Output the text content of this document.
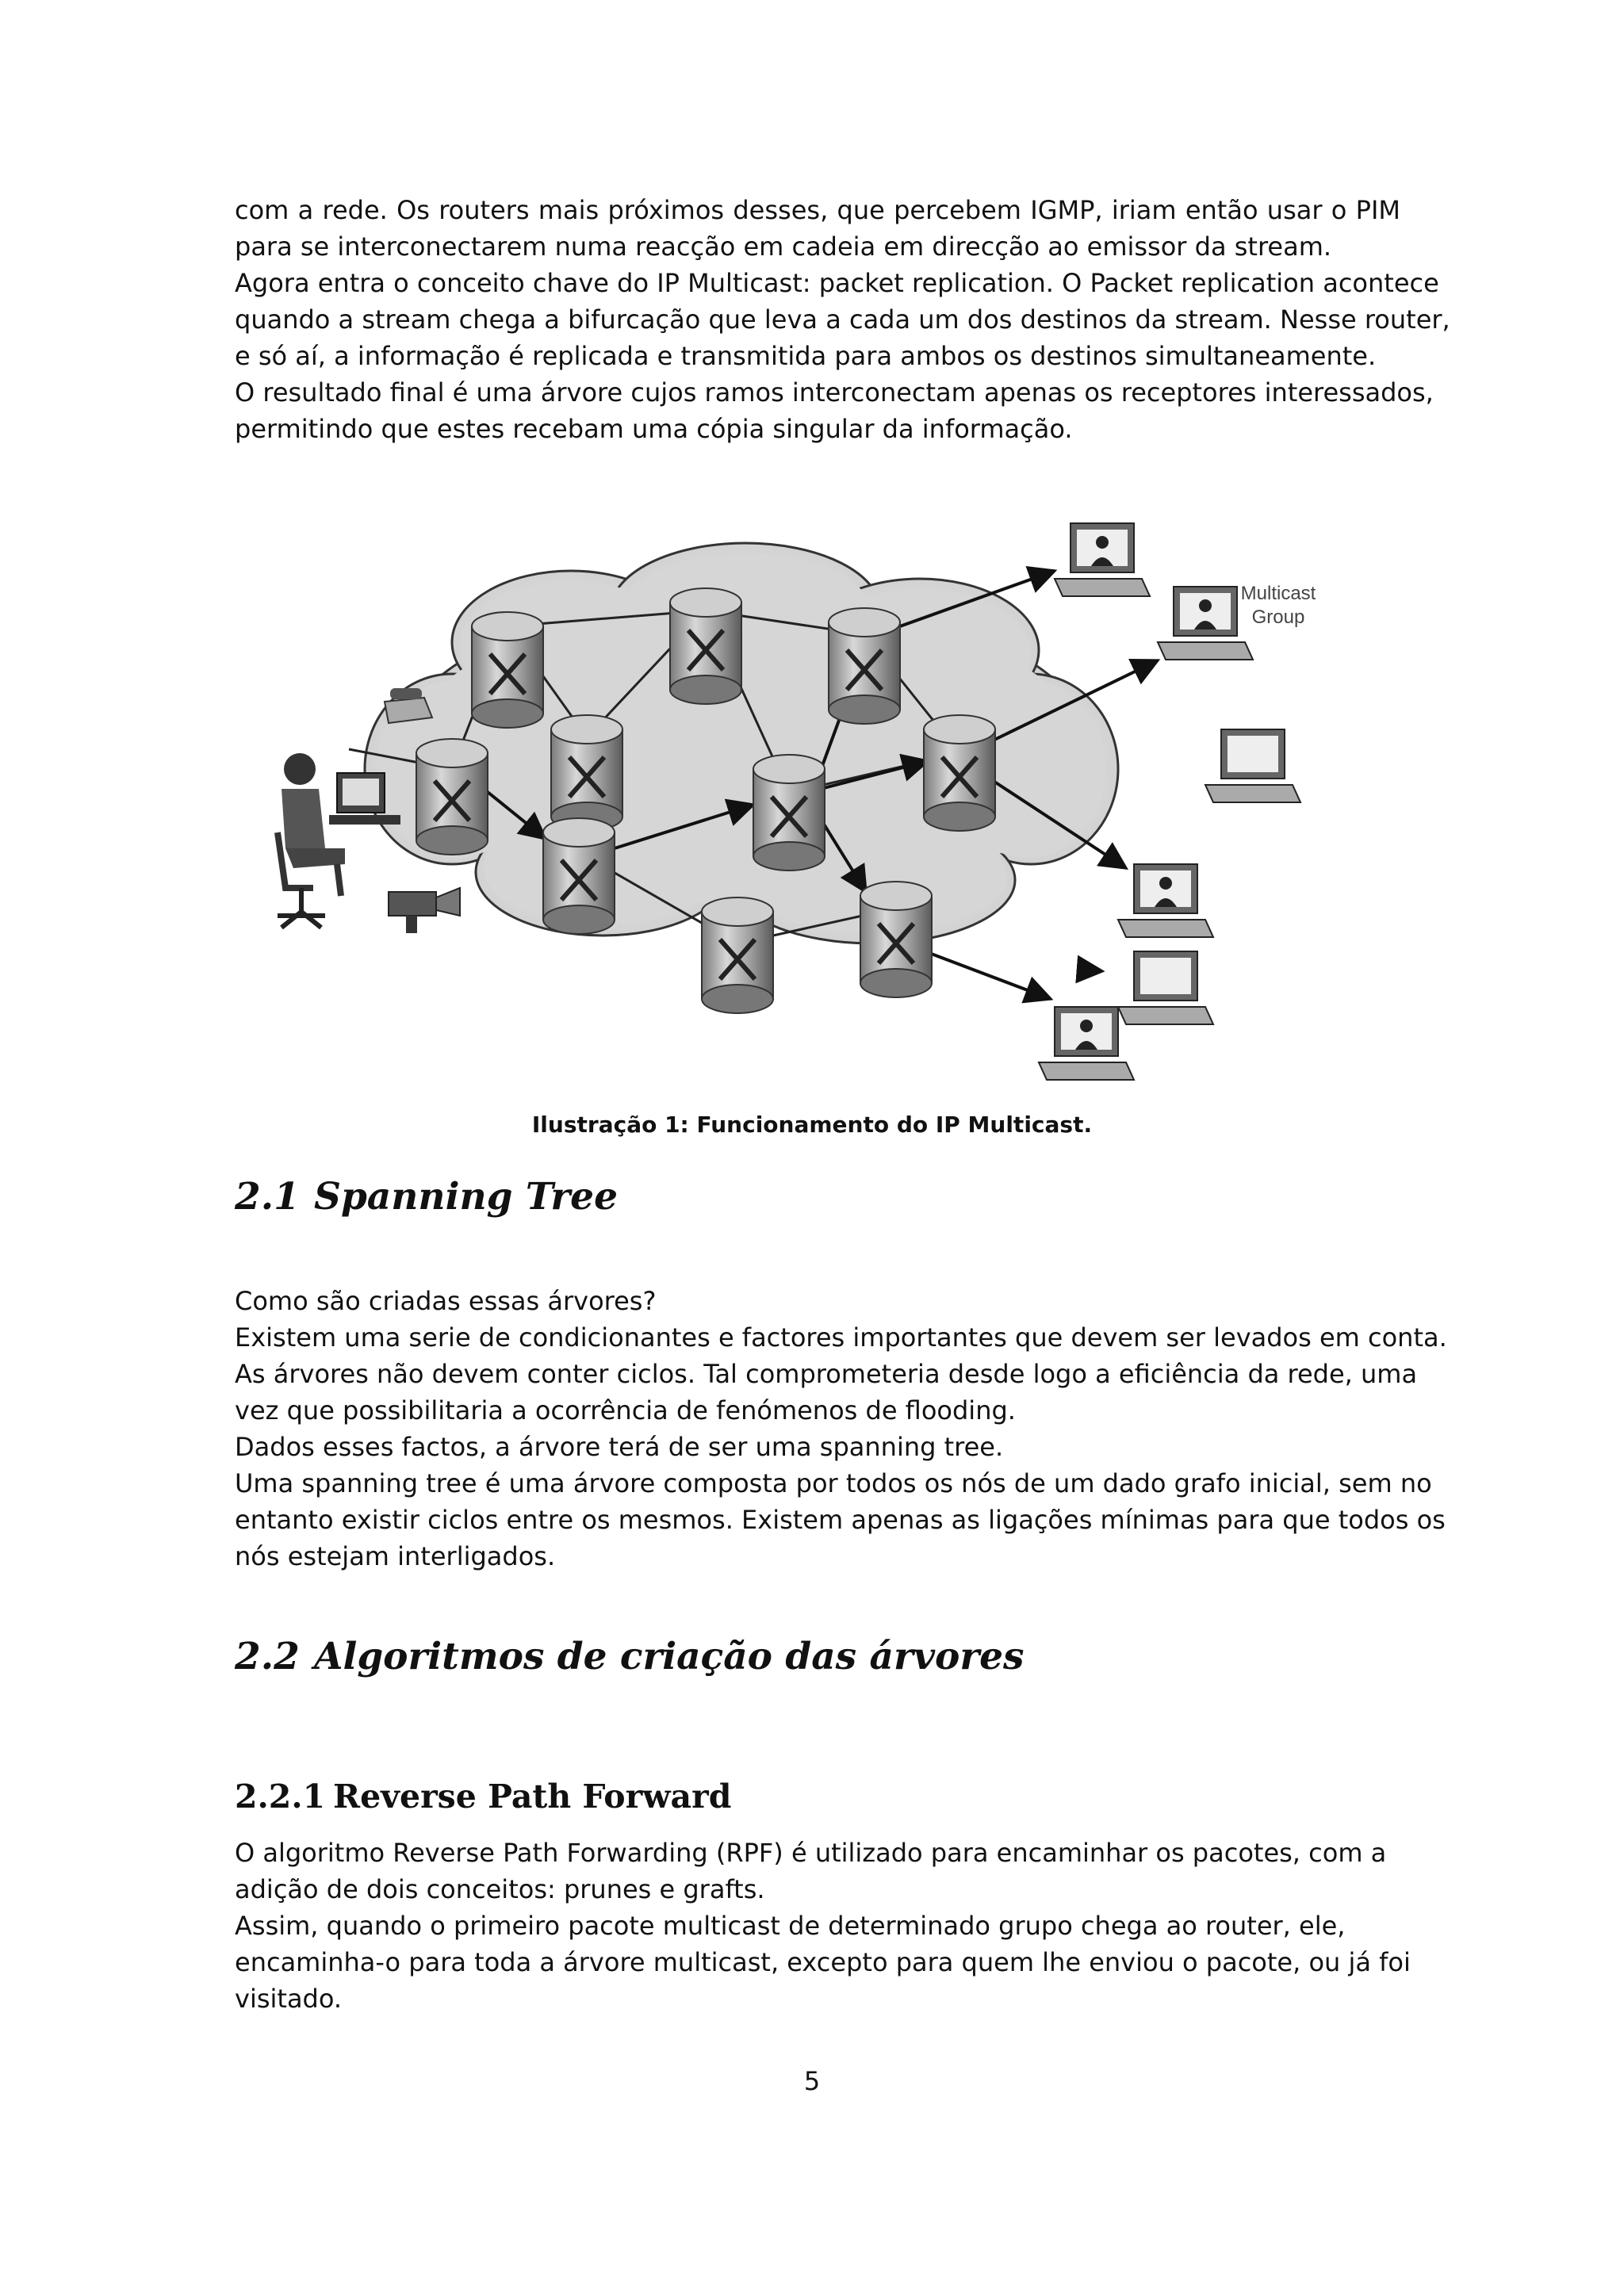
com a rede. Os routers mais próximos desses, que percebem IGMP, iriam então usar o PIM
para se interconectarem numa reacção em cadeia em direcção ao emissor da stream.
Agora entra o conceito chave do IP Multicast: packet replication. O Packet replication acontece
quando a stream chega a bifurcação que leva a cada um dos destinos da stream. Nesse router,
e só aí, a informação é replicada e transmitida para ambos os destinos simultaneamente.
O resultado final é uma árvore cujos ramos interconectam apenas os receptores interessados,
permitindo que estes recebam uma cópia singular da informação.
Multicast
Group

Ilustração 1: Funcionamento do IP Multicast.

2.1 Spanning Tree
Como são criadas essas árvores?
Existem uma serie de condicionantes e factores importantes que devem ser levados em conta.
As árvores não devem conter ciclos. Tal comprometeria desde logo a eficiência da rede, uma
vez que possibilitaria a ocorrência de fenómenos de flooding.
Dados esses factos, a árvore terá de ser uma spanning tree.
Uma spanning tree é uma árvore composta por todos os nós de um dado grafo inicial, sem no
entanto existir ciclos entre os mesmos. Existem apenas as ligações mínimas para que todos os
nós estejam interligados.
2.2 Algoritmos de criação das árvores
2.2.1 Reverse Path Forward
O algoritmo Reverse Path Forwarding (RPF) é utilizado para encaminhar os pacotes, com a
adição de dois conceitos: prunes e grafts.
Assim, quando o primeiro pacote multicast de determinado grupo chega ao router, ele,
encaminha-o para toda a árvore multicast, excepto para quem lhe enviou o pacote, ou já foi
visitado.

5
